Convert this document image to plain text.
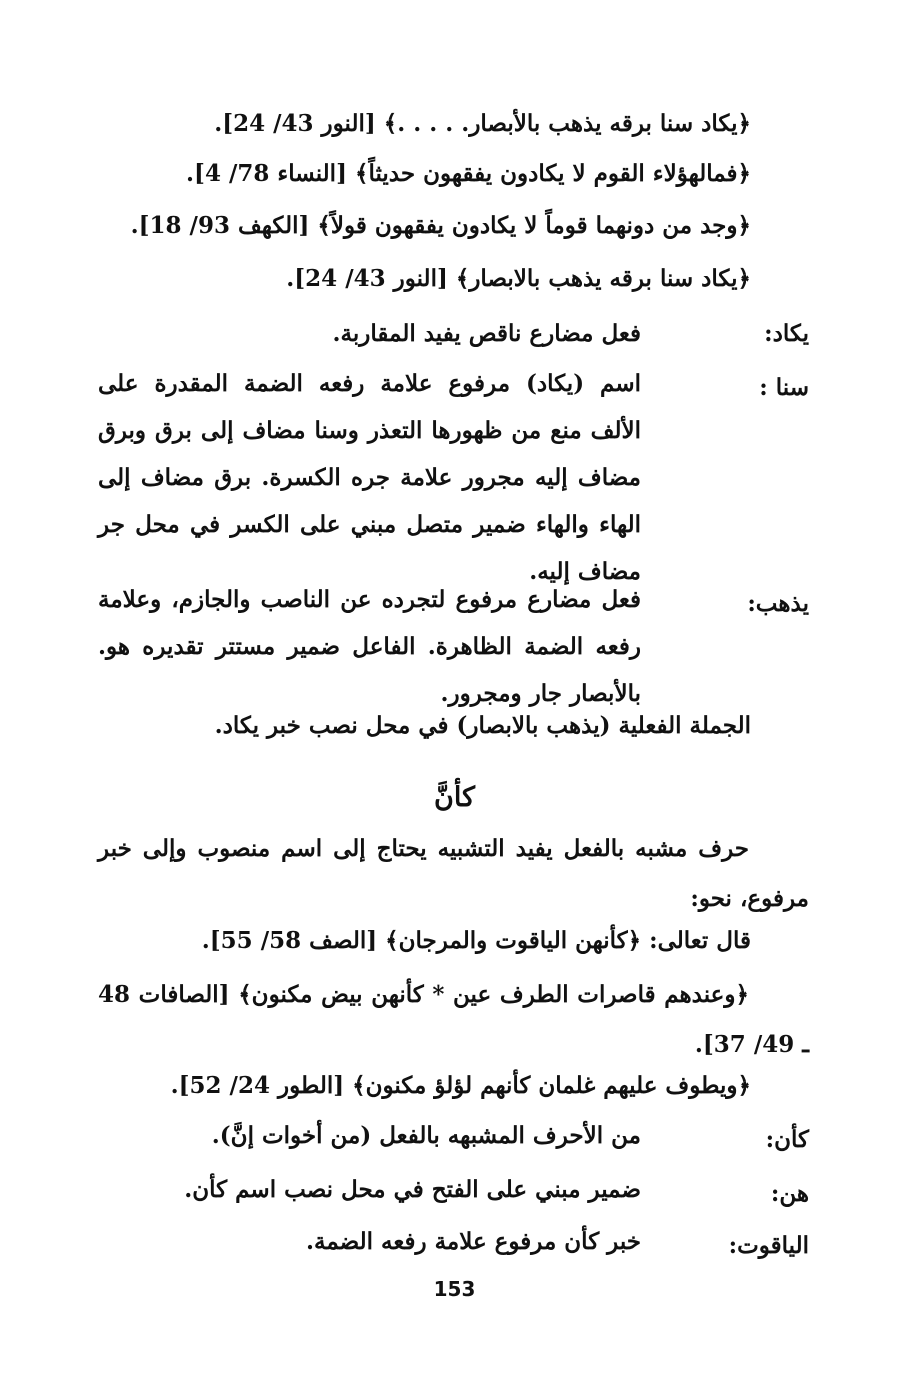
﴿يكاد سنا برقه يذهب بالأبصار. . . . .﴾ [النور 43/ 24].
﴿فمالهؤلاء القوم لا يكادون يفقهون حديثاً﴾ [النساء 78/ 4].
﴿وجد من دونهما قوماً لا يكادون يفقهون قولاً﴾ [الكهف 93/ 18].
﴿يكاد سنا برقه يذهب بالابصار﴾ [النور 43/ 24].
يكاد:
فعل مضارع ناقص يفيد المقاربة.
سنا :
اسم (يكاد) مرفوع علامة رفعه الضمة المقدرة على الألف منع من ظهورها التعذر وسنا مضاف إلى برق وبرق مضاف إليه مجرور علامة جره الكسرة. برق مضاف إلى الهاء والهاء ضمير متصل مبني على الكسر في محل جر مضاف إليه.
يذهب:
فعل مضارع مرفوع لتجرده عن الناصب والجازم، وعلامة رفعه الضمة الظاهرة. الفاعل ضمير مستتر تقديره هو. بالأبصار جار ومجرور.
الجملة الفعلية (يذهب بالابصار) في محل نصب خبر يكاد.
كأنَّ
حرف مشبه بالفعل يفيد التشبيه يحتاج إلى اسم منصوب وإلى خبر مرفوع، نحو:
قال تعالى: ﴿كأنهن الياقوت والمرجان﴾ [الصف 58/ 55].
﴿وعندهم قاصرات الطرف عين * كأنهن بيض مكنون﴾ [الصافات 48 ـ 49/ 37].
﴿ويطوف عليهم غلمان كأنهم لؤلؤ مكنون﴾ [الطور 24/ 52].
كأن:
من الأحرف المشبهه بالفعل (من أخوات إنَّ).
هن:
ضمير مبني على الفتح في محل نصب اسم كأن.
الياقوت:
خبر كأن مرفوع علامة رفعه الضمة.
153
